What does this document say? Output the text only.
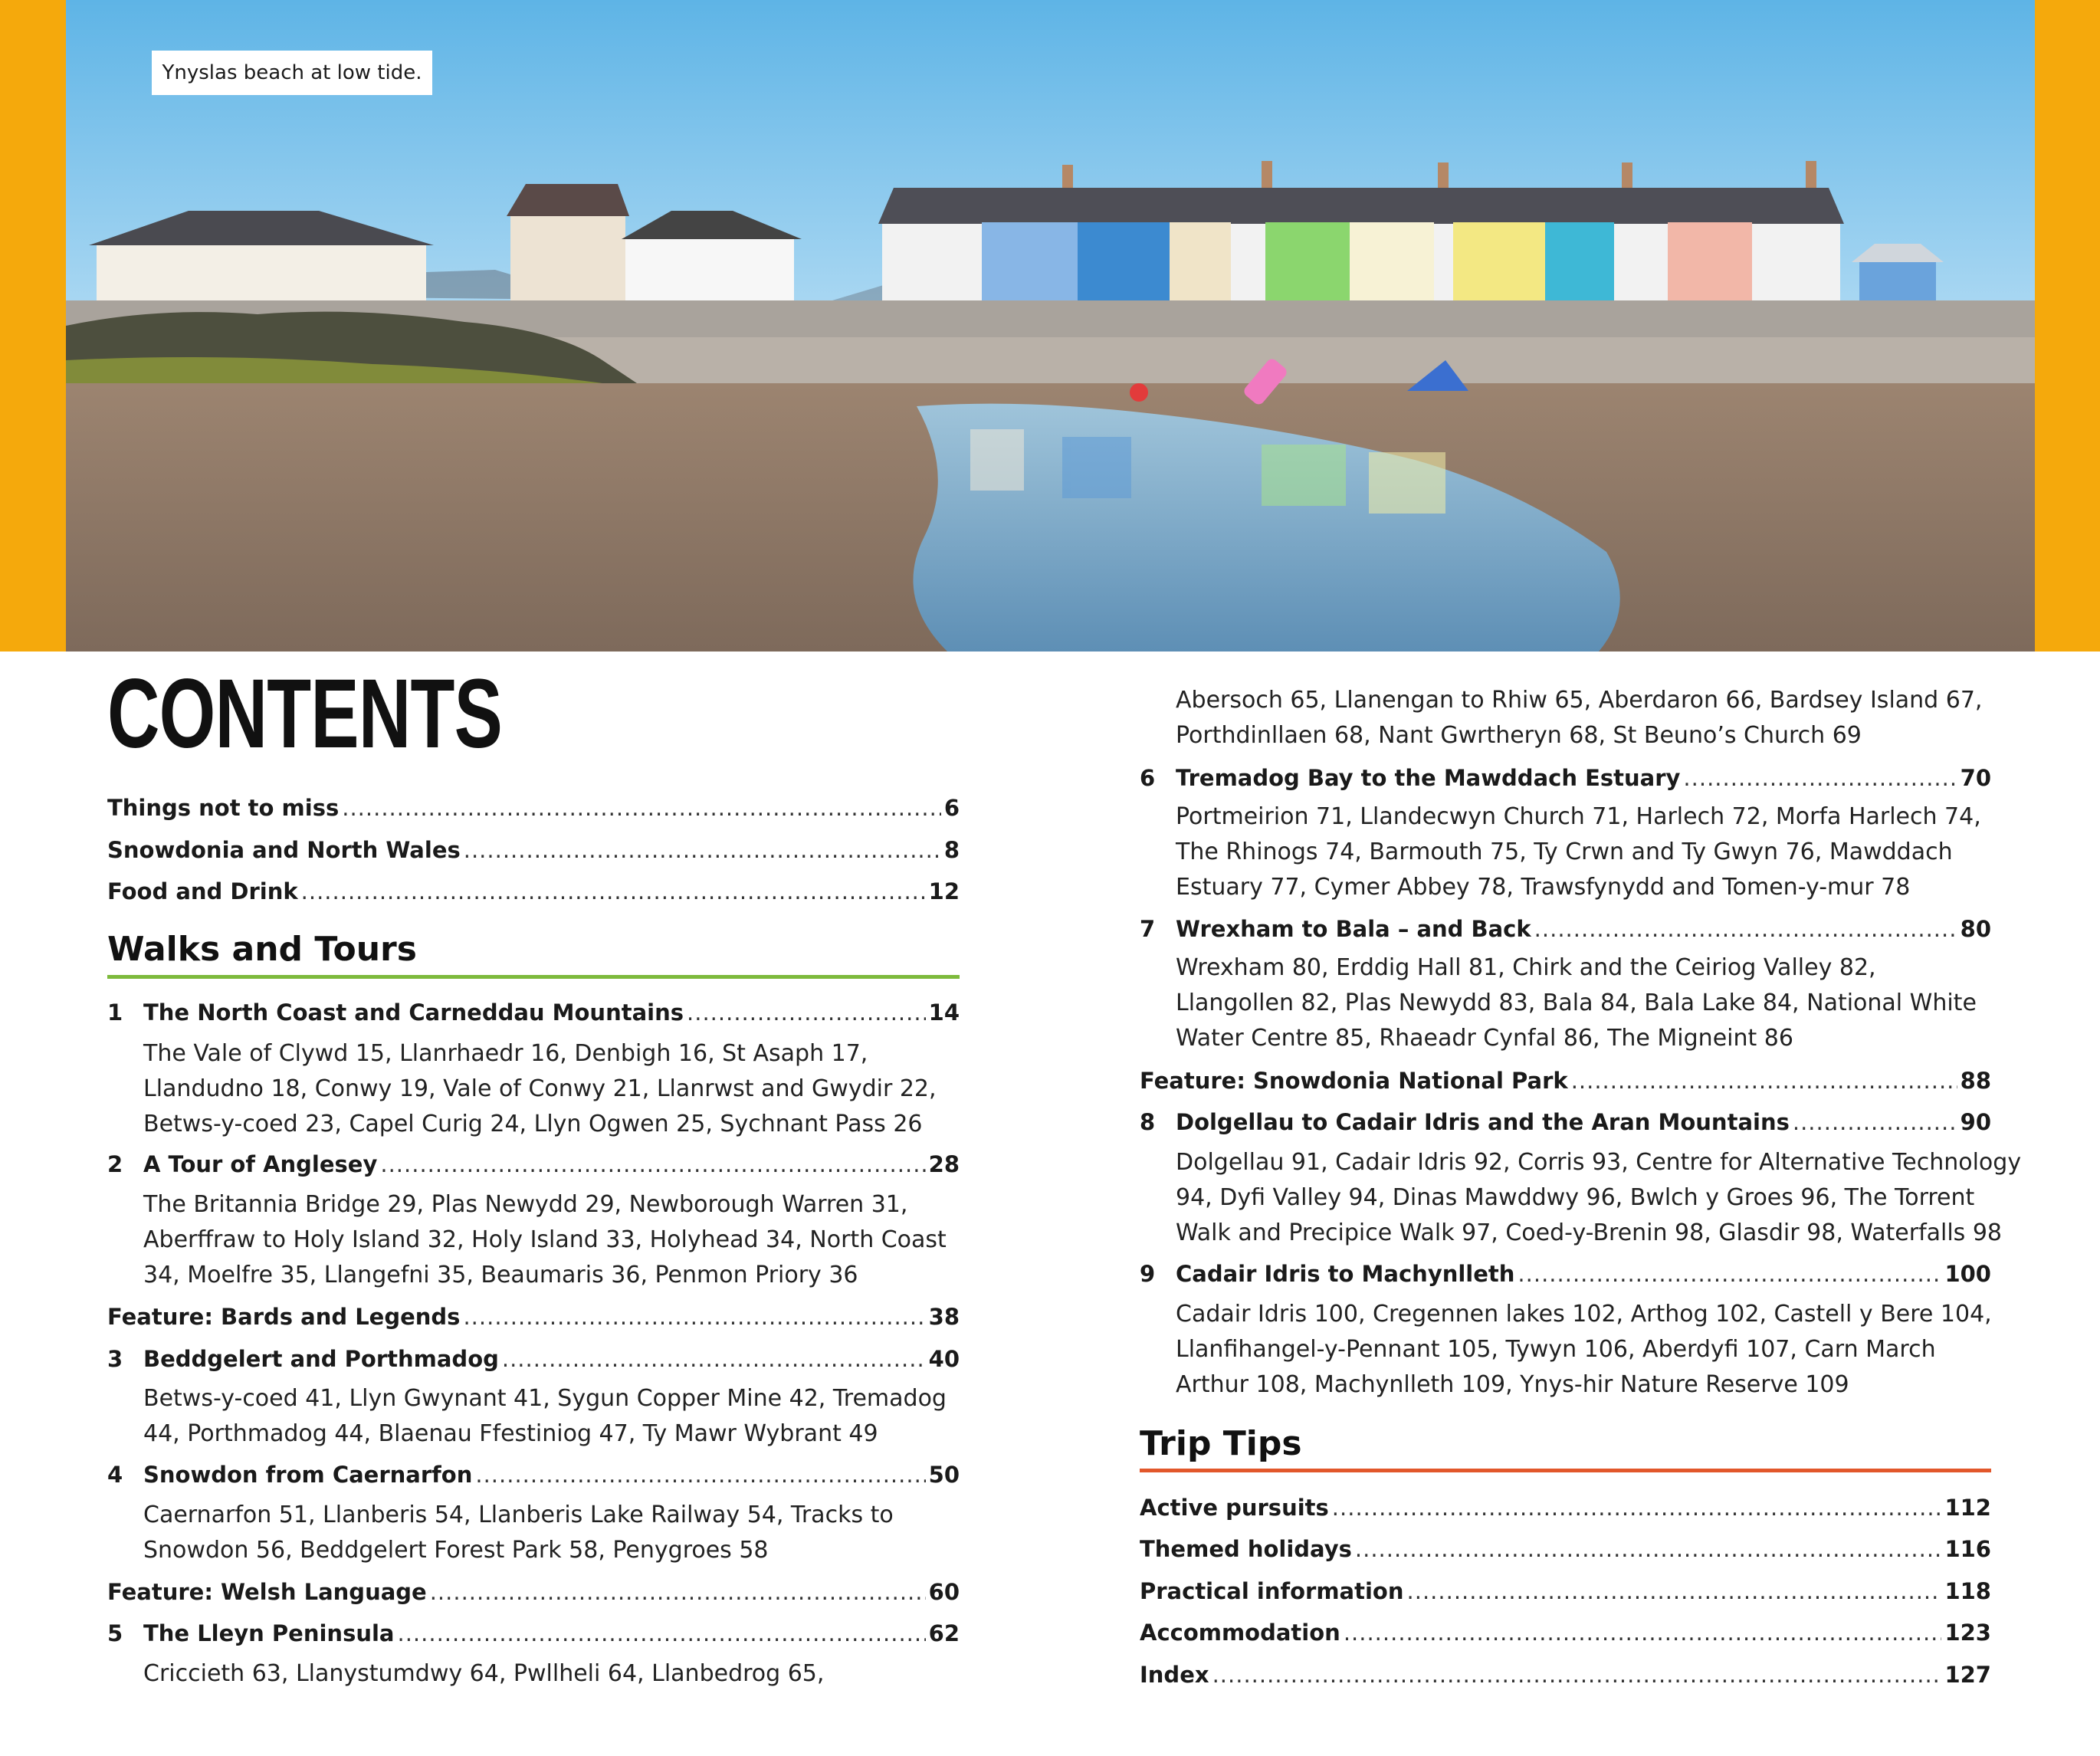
Ynyslas beach at low tide.
CONTENTS
Things not to miss .....	6
Snowdonia and North Wales .....	8
Food and Drink .....	12
Walks and Tours
1 The North Coast and Carneddau Mountains .....	14
The Vale of Clywd 15, Llanrhaedr 16, Denbigh 16, St Asaph 17,
Llandudno 18, Conwy 19, Vale of Conwy 21, Llanrwst and Gwydir 22,
Betws-y-coed 23, Capel Curig 24, Llyn Ogwen 25, Sychnant Pass 26
2 A Tour of Anglesey .....	28
The Britannia Bridge 29, Plas Newydd 29, Newborough Warren 31,
Aberffraw to Holy Island 32, Holy Island 33, Holyhead 34, North Coast
34, Moelfre 35, Llangefni 35, Beaumaris 36, Penmon Priory 36
Feature: Bards and Legends .....	38
3 Beddgelert and Porthmadog .....	40
Betws-y-coed 41, Llyn Gwynant 41, Sygun Copper Mine 42, Tremadog
44, Porthmadog 44, Blaenau Ffestiniog 47, Ty Mawr Wybrant 49
4 Snowdon from Caernarfon .....	50
Caernarfon 51, Llanberis 54, Llanberis Lake Railway 54, Tracks to
Snowdon 56, Beddgelert Forest Park 58, Penygroes 58
Feature: Welsh Language .....	60
5 The Lleyn Peninsula .....	62
Criccieth 63, Llanystumdwy 64, Pwllheli 64, Llanbedrog 65,
Abersoch 65, Llanengan to Rhiw 65, Aberdaron 66, Bardsey Island 67,
Porthdinllaen 68, Nant Gwrtheryn 68, St Beuno’s Church 69
6 Tremadog Bay to the Mawddach Estuary .....	70
Portmeirion 71, Llandecwyn Church 71, Harlech 72, Morfa Harlech 74,
The Rhinogs 74, Barmouth 75, Ty Crwn and Ty Gwyn 76, Mawddach
Estuary 77, Cymer Abbey 78, Trawsfynydd and Tomen-y-mur 78
7 Wrexham to Bala – and Back .....	80
Wrexham 80, Erddig Hall 81, Chirk and the Ceiriog Valley 82,
Llangollen 82, Plas Newydd 83, Bala 84, Bala Lake 84, National White
Water Centre 85, Rhaeadr Cynfal 86, The Migneint 86
Feature: Snowdonia National Park .....	88
8 Dolgellau to Cadair Idris and the Aran Mountains .....	90
Dolgellau 91, Cadair Idris 92, Corris 93, Centre for Alternative Technology
94, Dyfi Valley 94, Dinas Mawddwy 96, Bwlch y Groes 96, The Torrent
Walk and Precipice Walk 97, Coed-y-Brenin 98, Glasdir 98, Waterfalls 98
9 Cadair Idris to Machynlleth .....	100
Cadair Idris 100, Cregennen lakes 102, Arthog 102, Castell y Bere 104,
Llanfihangel-y-Pennant 105, Tywyn 106, Aberdyfi 107, Carn March
Arthur 108, Machynlleth 109, Ynys-hir Nature Reserve 109
Trip Tips
Active pursuits .....	112
Themed holidays .....	116
Practical information .....	118
Accommodation .....	123
Index .....	127
